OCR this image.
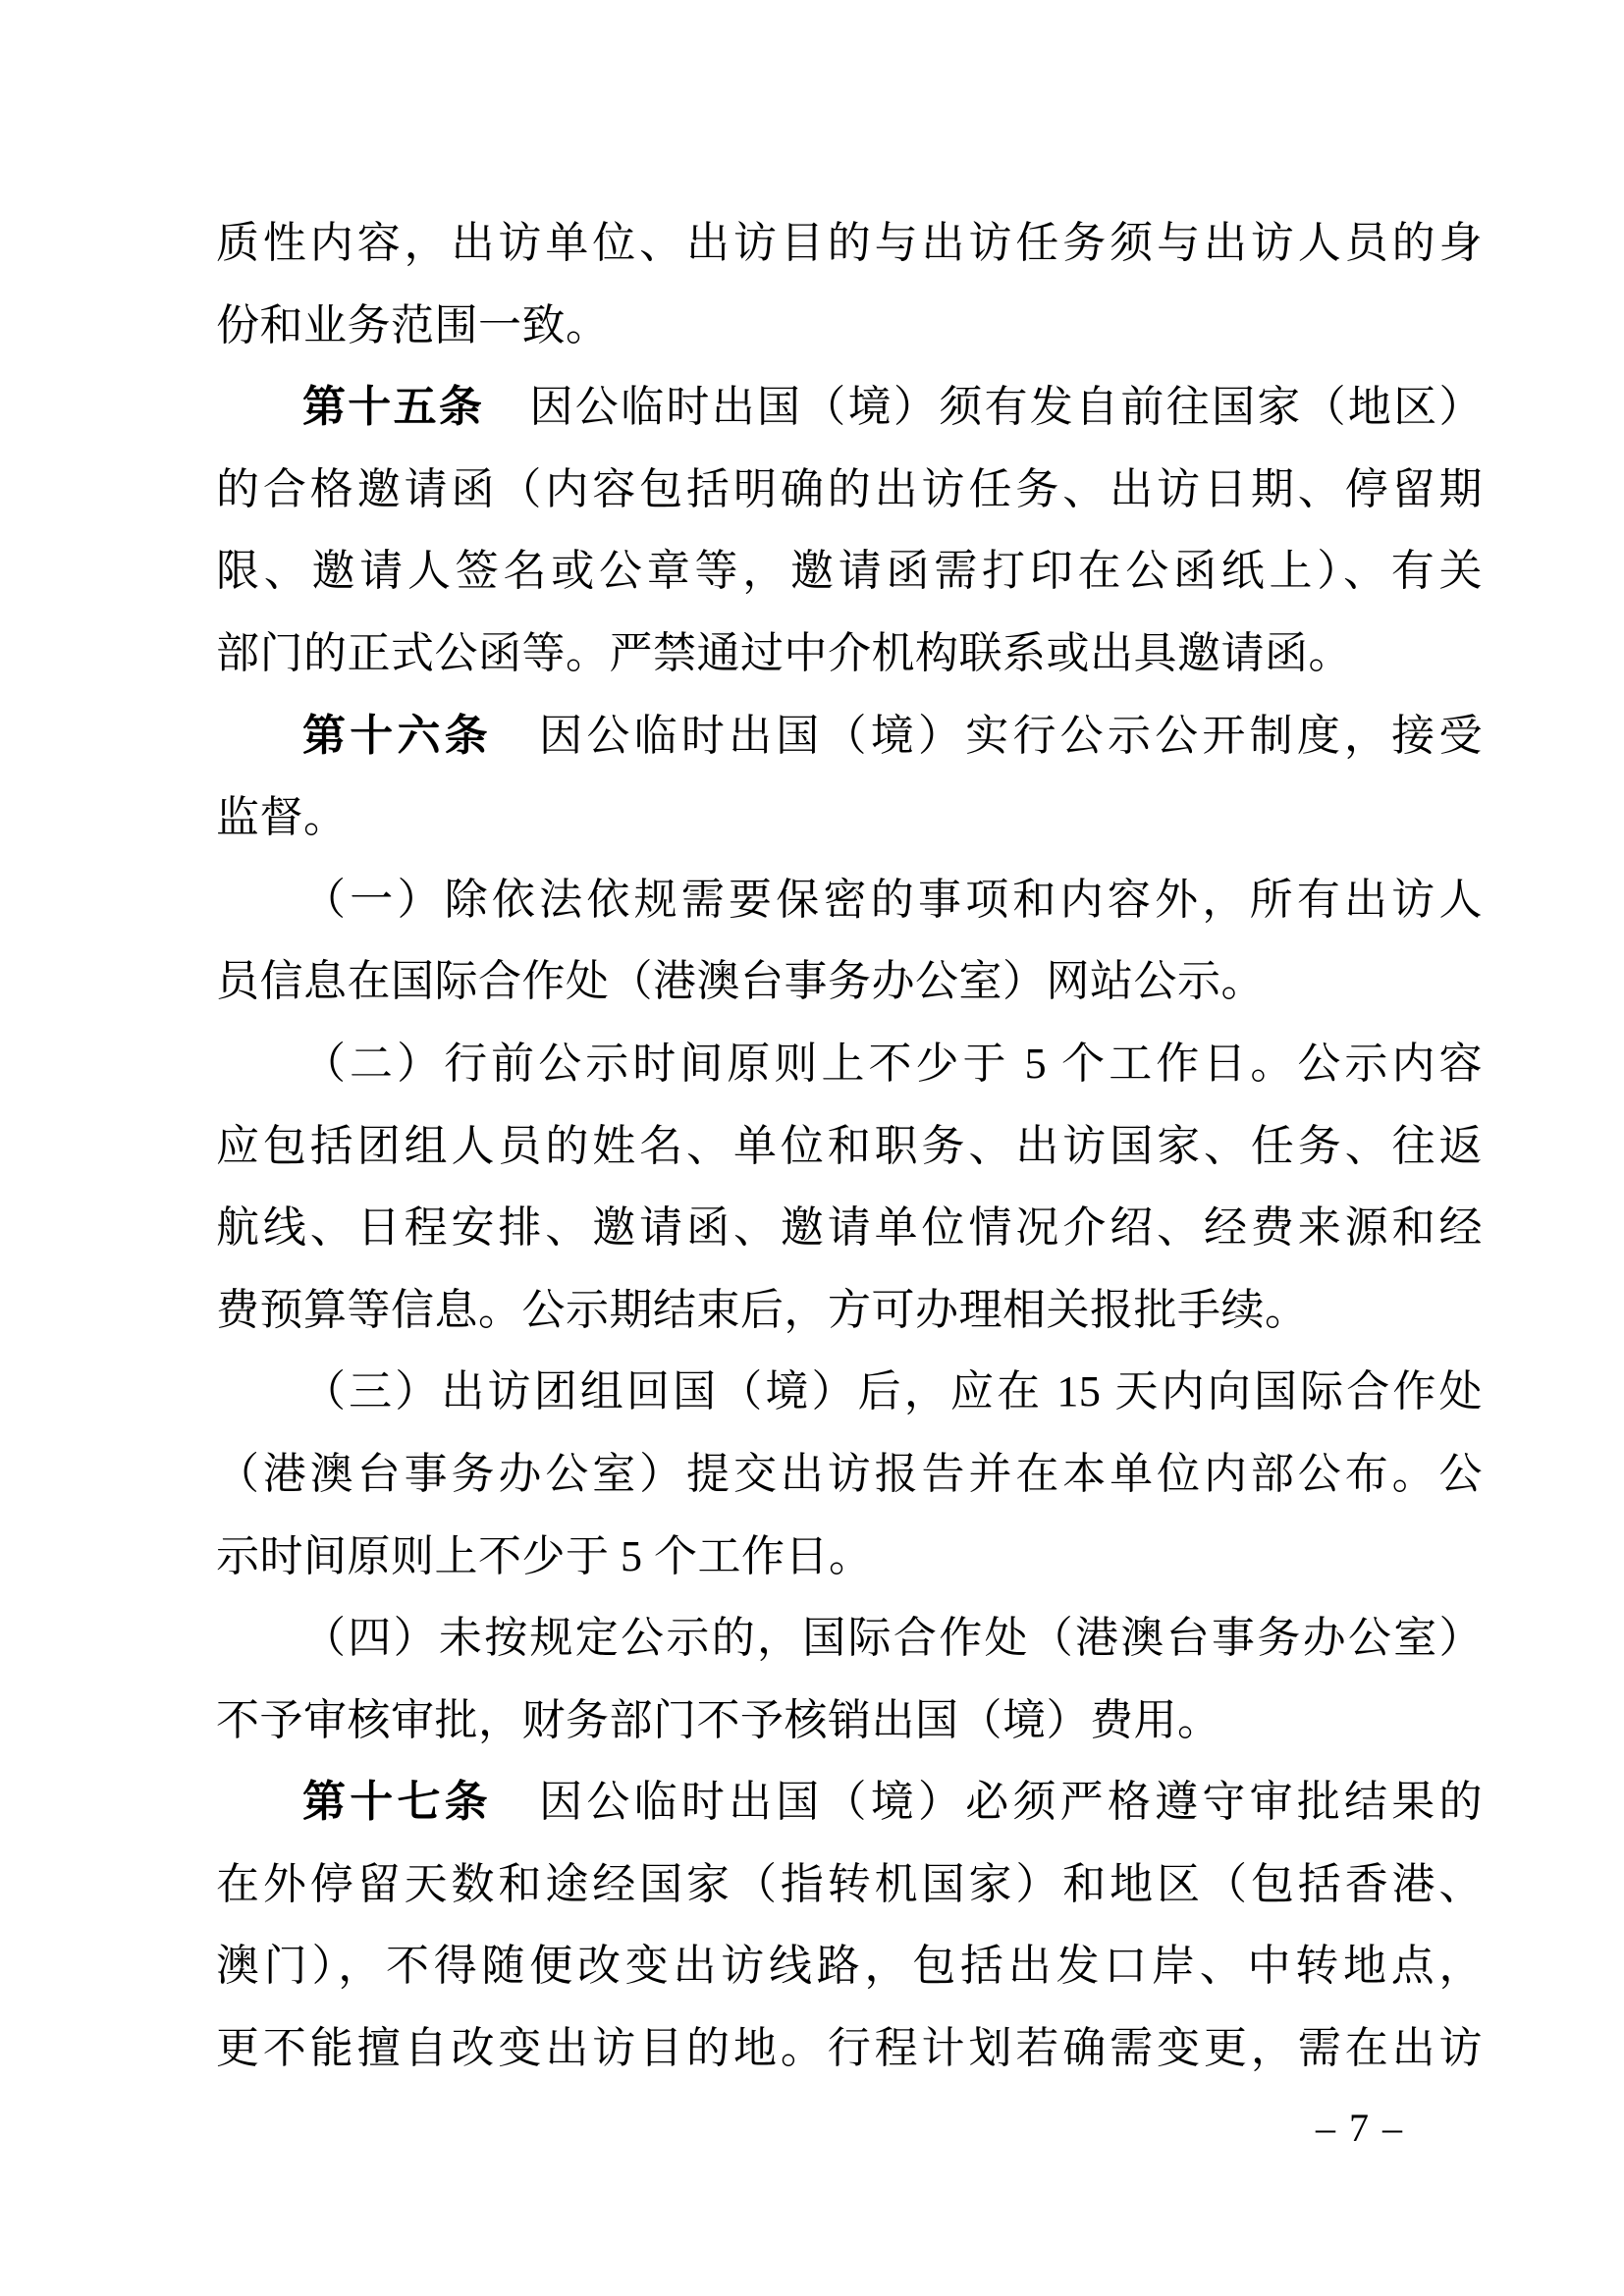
质性内容，出访单位、出访目的与出访任务须与出访人员的身
份和业务范围一致。
第十五条　因公临时出国（境）须有发自前往国家（地区）
的合格邀请函（内容包括明确的出访任务、出访日期、停留期
限、邀请人签名或公章等，邀请函需打印在公函纸上）、有关
部门的正式公函等。严禁通过中介机构联系或出具邀请函。
第十六条　因公临时出国（境）实行公示公开制度，接受
监督。
（一）除依法依规需要保密的事项和内容外，所有出访人
员信息在国际合作处（港澳台事务办公室）网站公示。
（二）行前公示时间原则上不少于 5 个工作日。公示内容
应包括团组人员的姓名、单位和职务、出访国家、任务、往返
航线、日程安排、邀请函、邀请单位情况介绍、经费来源和经
费预算等信息。公示期结束后，方可办理相关报批手续。
（三）出访团组回国（境）后，应在 15 天内向国际合作处
（港澳台事务办公室）提交出访报告并在本单位内部公布。公
示时间原则上不少于 5 个工作日。
（四）未按规定公示的，国际合作处（港澳台事务办公室）
不予审核审批，财务部门不予核销出国（境）费用。
第十七条　因公临时出国（境）必须严格遵守审批结果的
在外停留天数和途经国家（指转机国家）和地区（包括香港、
澳门），不得随便改变出访线路，包括出发口岸、中转地点，
更不能擅自改变出访目的地。行程计划若确需变更，需在出访
– 7 –
